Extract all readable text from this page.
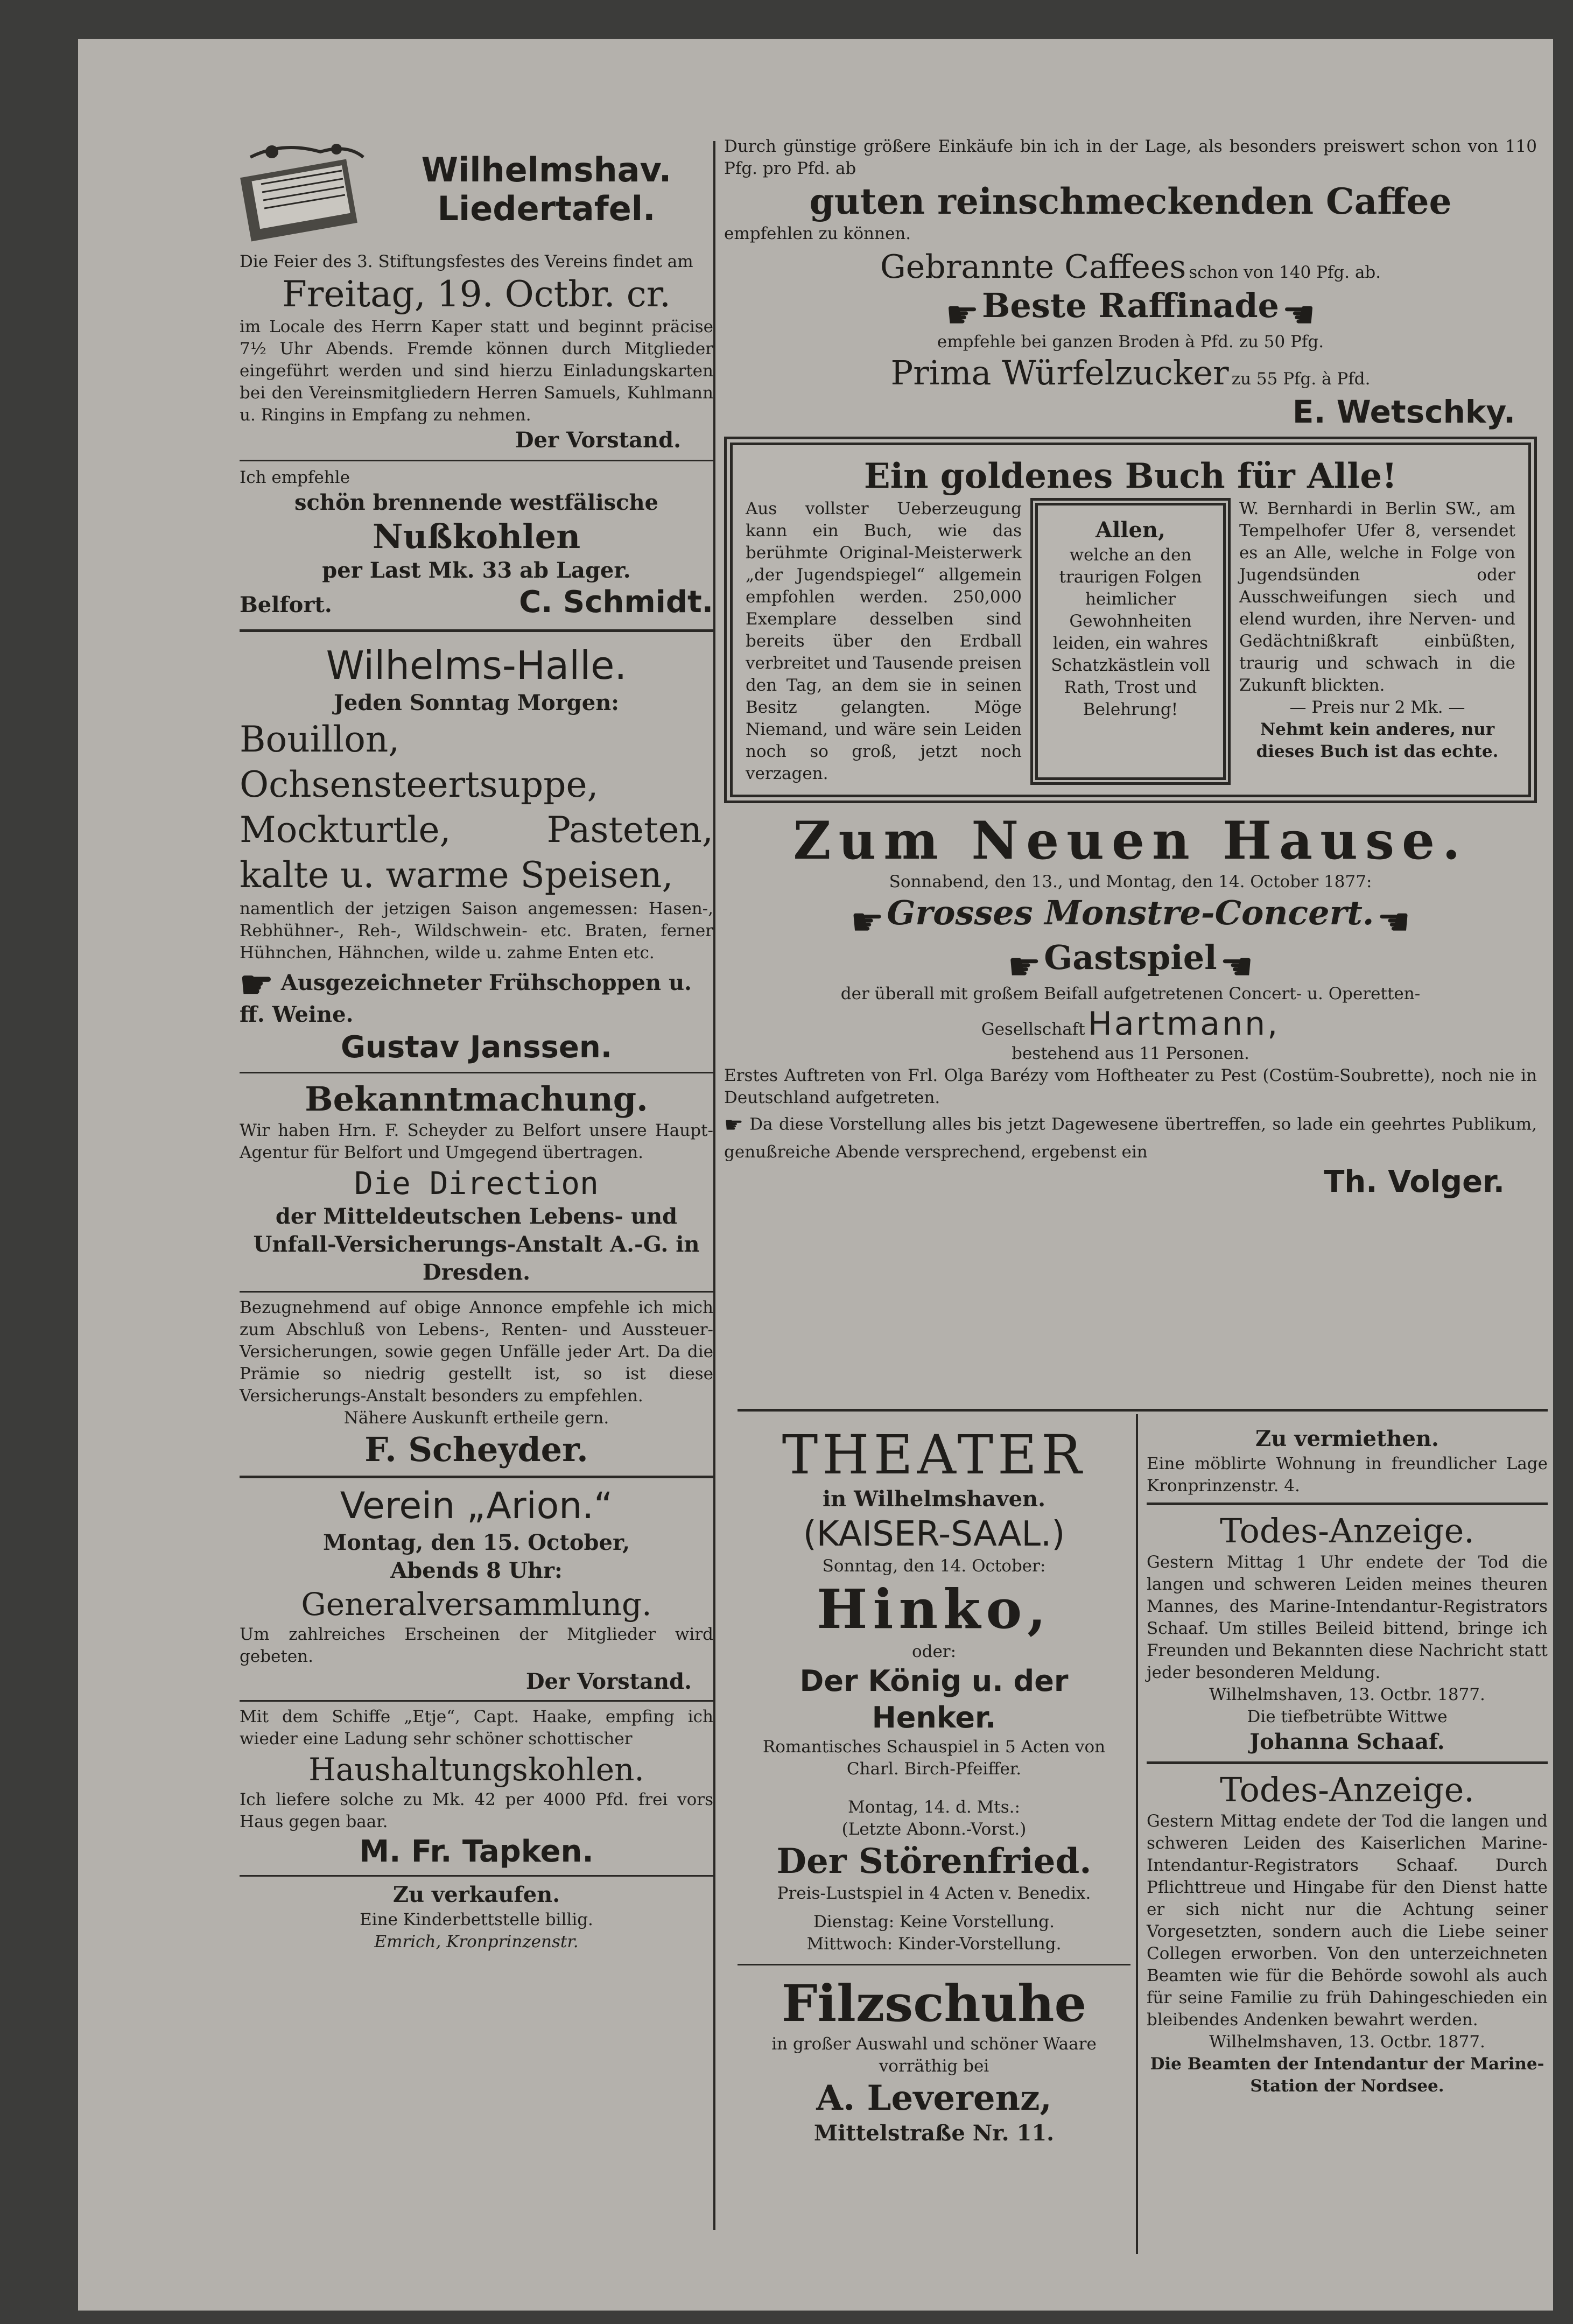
Wilhelmshav.
Liedertafel.

Die Feier des 3. Stiftungsfestes des Vereins findet am

Freitag, 19. Octbr. cr.

im Locale des Herrn Kaper statt und beginnt präcise 7½ Uhr Abends. Fremde können durch Mitglieder eingeführt werden und sind hierzu Einladungskarten bei den Vereinsmitgliedern Herren Samuels, Kuhlmann u. Ringins in Empfang zu nehmen.

Der Vorstand.

Ich empfehle

schön brennende westfälische

Nußkohlen

per Last Mk. 33 ab Lager.

Belfort.	C. Schmidt.

Wilhelms-Halle.

Jeden Sonntag Morgen:

Bouillon, Ochsensteertsuppe, Mockturtle, Pasteten, kalte u. warme Speisen,

namentlich der jetzigen Saison angemessen: Hasen-, Rebhühner-, Reh-, Wildschwein- etc. Braten, ferner Hühnchen, Hähnchen, wilde u. zahme Enten etc.

☛ Ausgezeichneter Frühschoppen u. ff. Weine.

Gustav Janssen.

Bekanntmachung.

Wir haben Hrn. F. Scheyder zu Belfort unsere Haupt-Agentur für Belfort und Umgegend übertragen.

Die Direction

der Mitteldeutschen Lebens- und Unfall-Versicherungs-Anstalt A.-G. in Dresden.

Bezugnehmend auf obige Annonce empfehle ich mich zum Abschluß von Lebens-, Renten- und Aussteuer-Versicherungen, sowie gegen Unfälle jeder Art. Da die Prämie so niedrig gestellt ist, so ist diese Versicherungs-Anstalt besonders zu empfehlen.

Nähere Auskunft ertheile gern.

F. Scheyder.

Verein „Arion.“

Montag, den 15. October,

Abends 8 Uhr:

Generalversammlung.

Um zahlreiches Erscheinen der Mitglieder wird gebeten.

Der Vorstand.

Mit dem Schiffe „Etje“, Capt. Haake, empfing ich wieder eine Ladung sehr schöner schottischer

Haushaltungskohlen.

Ich liefere solche zu Mk. 42 per 4000 Pfd. frei vors Haus gegen baar.

M. Fr. Tapken.

Zu verkaufen.

Eine Kinderbettstelle billig.

Emrich, Kronprinzenstr.

Durch günstige größere Einkäufe bin ich in der Lage, als besonders preiswert schon von 110 Pfg. pro Pfd. ab

guten reinschmeckenden Caffee

empfehlen zu können.

Gebrannte Caffees schon von 140 Pfg. ab.

☛ Beste Raffinade ☚

empfehle bei ganzen Broden à Pfd. zu 50 Pfg.

Prima Würfelzucker zu 55 Pfg. à Pfd.

E. Wetschky.

Ein goldenes Buch für Alle!

Aus vollster Ueberzeugung kann ein Buch, wie das berühmte Original-Meisterwerk „der Jugendspiegel“ allgemein empfohlen werden. 250,000 Exemplare desselben sind bereits über den Erdball verbreitet und Tausende preisen den Tag, an dem sie in seinen Besitz gelangten. Möge Niemand, und wäre sein Leiden noch so groß, jetzt noch verzagen.

Allen,

welche an den traurigen Folgen heimlicher Gewohnheiten leiden, ein wahres Schatzkästlein voll Rath, Trost und Belehrung!

W. Bernhardi in Berlin SW., am Tempelhofer Ufer 8, versendet es an Alle, welche in Folge von Jugendsünden oder Ausschweifungen siech und elend wurden, ihre Nerven- und Gedächtnißkraft einbüßten, traurig und schwach in die Zukunft blickten.

— Preis nur 2 Mk. —

Nehmt kein anderes, nur dieses Buch ist das echte.

Zum Neuen Hause.

Sonnabend, den 13., und Montag, den 14. October 1877:

☛ Grosses Monstre-Concert. ☚

☛ Gastspiel ☚

der überall mit großem Beifall aufgetretenen Concert- u. Operetten-

Gesellschaft Hartmann,

bestehend aus 11 Personen.

Erstes Auftreten von Frl. Olga Barézy vom Hoftheater zu Pest (Costüm-Soubrette), noch nie in Deutschland aufgetreten.

☛ Da diese Vorstellung alles bis jetzt Dagewesene übertreffen, so lade ein geehrtes Publikum, genußreiche Abende versprechend, ergebenst ein

Th. Volger.

THEATER

in Wilhelmshaven.

(KAISER-SAAL.)

Sonntag, den 14. October:

Hinko,

oder:

Der König u. der Henker.

Romantisches Schauspiel in 5 Acten von Charl. Birch-Pfeiffer.

Montag, 14. d. Mts.:

(Letzte Abonn.-Vorst.)

Der Störenfried.

Preis-Lustspiel in 4 Acten v. Benedix.

Dienstag: Keine Vorstellung.

Mittwoch: Kinder-Vorstellung.

Filzschuhe

in großer Auswahl und schöner Waare vorräthig bei

A. Leverenz,

Mittelstraße Nr. 11.

Zu vermiethen.

Eine möblirte Wohnung in freundlicher Lage Kronprinzenstr. 4.

Todes-Anzeige.

Gestern Mittag 1 Uhr endete der Tod die langen und schweren Leiden meines theuren Mannes, des Marine-Intendantur-Registrators Schaaf. Um stilles Beileid bittend, bringe ich Freunden und Bekannten diese Nachricht statt jeder besonderen Meldung.

Wilhelmshaven, 13. Octbr. 1877.

Die tiefbetrübte Wittwe

Johanna Schaaf.

Todes-Anzeige.

Gestern Mittag endete der Tod die langen und schweren Leiden des Kaiserlichen Marine-Intendantur-Registrators Schaaf. Durch Pflichttreue und Hingabe für den Dienst hatte er sich nicht nur die Achtung seiner Vorgesetzten, sondern auch die Liebe seiner Collegen erworben. Von den unterzeichneten Beamten wie für die Behörde sowohl als auch für seine Familie zu früh Dahingeschieden ein bleibendes Andenken bewahrt werden.

Wilhelmshaven, 13. Octbr. 1877.

Die Beamten der Intendantur der Marine-Station der Nordsee.
